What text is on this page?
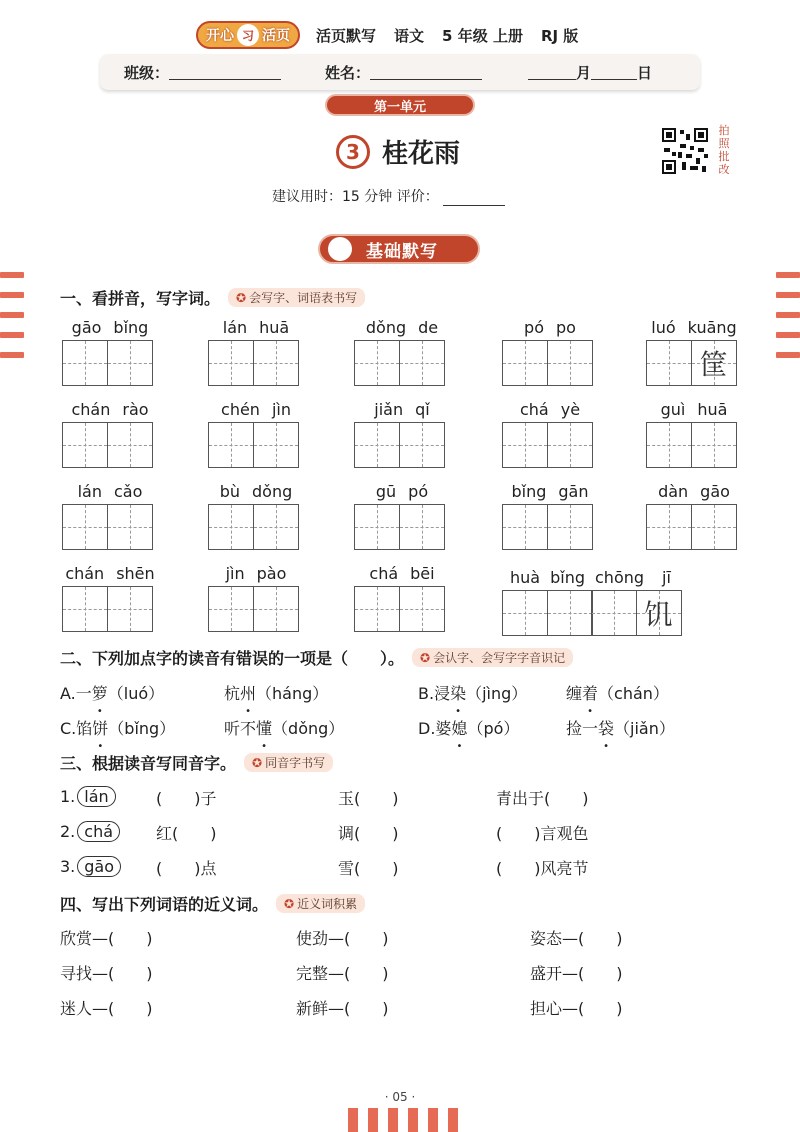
开心 习 活页 活页默写 语文 5 年级 上册 RJ 版
班级：	姓名：	月	日
第一单元
3 桂花雨
拍照批改
建议用时：15 分钟 评价：
基础默写
一、看拼音，写字词。	✪ 会写字、词语表书写
gāo bǐng	lán huā	dǒng de	pó po	luó kuāng
筐
chán rào	chén jìn	jiǎn qǐ	chá yè	guì huā
lán cǎo	bù dǒng	gū pó	bǐng gān	dàn gāo
chán shēn	jìn pào	chá bēi	huà bǐng chōng jī
饥
二、下列加点字的读音有错误的一项是（　　）。	✪ 会认字、会写字字音识记
A.一箩（luó）	杭州（háng）	B.浸染（jìng） 缠着（chán）
C.馅饼（bǐng）	听不懂（dǒng）	D.婆媳（pó）	捡一袋（jiǎn）
三、根据读音写同音字。	✪ 同音字书写
1. lán	(　　)子	玉(　　)	青出于(　　)
2. chá	红(　　)	调(　　)	(　　)言观色
3. gāo	(　　)点	雪(　　)	(　　)风亮节
四、写出下列词语的近义词。	✪ 近义词积累
欣赏—(　　)	使劲—(　　)	姿态—(　　)
寻找—(　　)	完整—(　　)	盛开—(　　)
迷人—(　　)	新鲜—(　　)	担心—(　　)
· 05 ·
